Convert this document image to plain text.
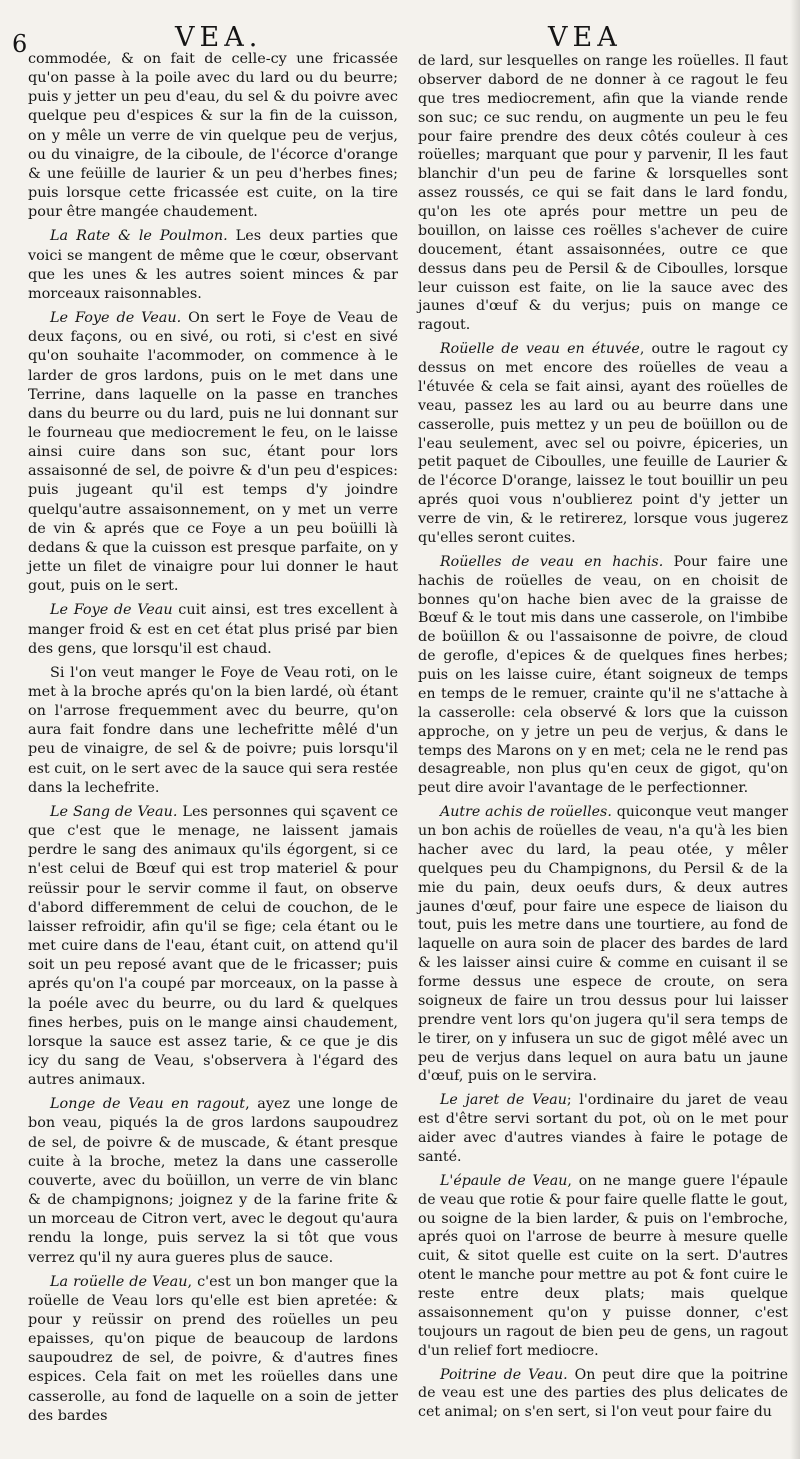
6	VEA.	VEA

commodée, & on fait de celle-cy une fricassée qu'on passe à la poile avec du lard ou du beurre; puis y jetter un peu d'eau, du sel & du poivre avec quelque peu d'espices & sur la fin de la cuisson, on y mêle un verre de vin quelque peu de verjus, ou du vinaigre, de la ciboule, de l'écorce d'orange & une feüille de laurier & un peu d'herbes fines; puis lorsque cette fricassée est cuite, on la tire pour être mangée chaudement.

La Rate & le Poulmon. Les deux parties que voici se mangent de même que le cœur, observant que les unes & les autres soient minces & par morceaux raisonnables.

Le Foye de Veau. On sert le Foye de Veau de deux façons, ou en sivé, ou roti, si c'est en sivé qu'on souhaite l'acommoder, on commence à le larder de gros lardons, puis on le met dans une Terrine, dans laquelle on la passe en tranches dans du beurre ou du lard, puis ne lui donnant sur le fourneau que mediocrement le feu, on le laisse ainsi cuire dans son suc, étant pour lors assaisonné de sel, de poivre & d'un peu d'espices: puis jugeant qu'il est temps d'y joindre quelqu'autre assaisonnement, on y met un verre de vin & aprés que ce Foye a un peu boüilli là dedans & que la cuisson est presque parfaite, on y jette un filet de vinaigre pour lui donner le haut gout, puis on le sert.

Le Foye de Veau cuit ainsi, est tres excellent à manger froid & est en cet état plus prisé par bien des gens, que lorsqu'il est chaud.

Si l'on veut manger le Foye de Veau roti, on le met à la broche aprés qu'on la bien lardé, où étant on l'arrose frequemment avec du beurre, qu'on aura fait fondre dans une lechefritte mêlé d'un peu de vinaigre, de sel & de poivre; puis lorsqu'il est cuit, on le sert avec de la sauce qui sera restée dans la lechefrite.

Le Sang de Veau. Les personnes qui sçavent ce que c'est que le menage, ne laissent jamais perdre le sang des animaux qu'ils égorgent, si ce n'est celui de Bœuf qui est trop materiel & pour reüssir pour le servir comme il faut, on observe d'abord differemment de celui de couchon, de le laisser refroidir, afin qu'il se fige; cela étant ou le met cuire dans de l'eau, étant cuit, on attend qu'il soit un peu reposé avant que de le fricasser; puis aprés qu'on l'a coupé par morceaux, on la passe à la poéle avec du beurre, ou du lard & quelques fines herbes, puis on le mange ainsi chaudement, lorsque la sauce est assez tarie, & ce que je dis icy du sang de Veau, s'observera à l'égard des autres animaux.

Longe de Veau en ragout, ayez une longe de bon veau, piqués la de gros lardons saupoudrez de sel, de poivre & de muscade, & étant presque cuite à la broche, metez la dans une casserolle couverte, avec du boüillon, un verre de vin blanc & de champignons; joignez y de la farine frite & un morceau de Citron vert, avec le degout qu'aura rendu la longe, puis servez la si tôt que vous verrez qu'il ny aura gueres plus de sauce.

La roüelle de Veau, c'est un bon manger que la roüelle de Veau lors qu'elle est bien apretée: & pour y reüssir on prend des roüelles un peu epaisses, qu'on pique de beaucoup de lardons saupoudrez de sel, de poivre, & d'autres fines espices. Cela fait on met les roüelles dans une casserolle, au fond de laquelle on a soin de jetter des bardes

de lard, sur lesquelles on range les roüelles. Il faut observer dabord de ne donner à ce ragout le feu que tres mediocrement, afin que la viande rende son suc; ce suc rendu, on augmente un peu le feu pour faire prendre des deux côtés couleur à ces roüelles; marquant que pour y parvenir, Il les faut blanchir d'un peu de farine & lorsquelles sont assez roussés, ce qui se fait dans le lard fondu, qu'on les ote aprés pour mettre un peu de bouillon, on laisse ces roëlles s'achever de cuire doucement, étant assaisonnées, outre ce que dessus dans peu de Persil & de Ciboulles, lorsque leur cuisson est faite, on lie la sauce avec des jaunes d'œuf & du verjus; puis on mange ce ragout.

Roüelle de veau en étuvée, outre le ragout cy dessus on met encore des roüelles de veau a l'étuvée & cela se fait ainsi, ayant des roüelles de veau, passez les au lard ou au beurre dans une casserolle, puis mettez y un peu de boüillon ou de l'eau seulement, avec sel ou poivre, épiceries, un petit paquet de Ciboulles, une feuille de Laurier & de l'écorce D'orange, laissez le tout bouillir un peu aprés quoi vous n'oublierez point d'y jetter un verre de vin, & le retirerez, lorsque vous jugerez qu'elles seront cuites.

Roüelles de veau en hachis. Pour faire une hachis de roüelles de veau, on en choisit de bonnes qu'on hache bien avec de la graisse de Bœuf & le tout mis dans une casserole, on l'imbibe de boüillon & ou l'assaisonne de poivre, de cloud de gerofle, d'epices & de quelques fines herbes; puis on les laisse cuire, étant soigneux de temps en temps de le remuer, crainte qu'il ne s'attache à la casserolle: cela observé & lors que la cuisson approche, on y jetre un peu de verjus, & dans le temps des Marons on y en met; cela ne le rend pas desagreable, non plus qu'en ceux de gigot, qu'on peut dire avoir l'avantage de le perfectionner.

Autre achis de roüelles. quiconque veut manger un bon achis de roüelles de veau, n'a qu'à les bien hacher avec du lard, la peau otée, y mêler quelques peu du Champignons, du Persil & de la mie du pain, deux oeufs durs, & deux autres jaunes d'œuf, pour faire une espece de liaison du tout, puis les metre dans une tourtiere, au fond de laquelle on aura soin de placer des bardes de lard & les laisser ainsi cuire & comme en cuisant il se forme dessus une espece de croute, on sera soigneux de faire un trou dessus pour lui laisser prendre vent lors qu'on jugera qu'il sera temps de le tirer, on y infusera un suc de gigot mêlé avec un peu de verjus dans lequel on aura batu un jaune d'œuf, puis on le servira.

Le jaret de Veau; l'ordinaire du jaret de veau est d'être servi sortant du pot, où on le met pour aider avec d'autres viandes à faire le potage de santé.

L'épaule de Veau, on ne mange guere l'épaule de veau que rotie & pour faire quelle flatte le gout, ou soigne de la bien larder, & puis on l'embroche, aprés quoi on l'arrose de beurre à mesure quelle cuit, & sitot quelle est cuite on la sert. D'autres otent le manche pour mettre au pot & font cuire le reste entre deux plats; mais quelque assaisonnement qu'on y puisse donner, c'est toujours un ragout de bien peu de gens, un ragout d'un relief fort mediocre.

Poitrine de Veau. On peut dire que la poitrine de veau est une des parties des plus delicates de cet animal; on s'en sert, si l'on veut pour faire du
